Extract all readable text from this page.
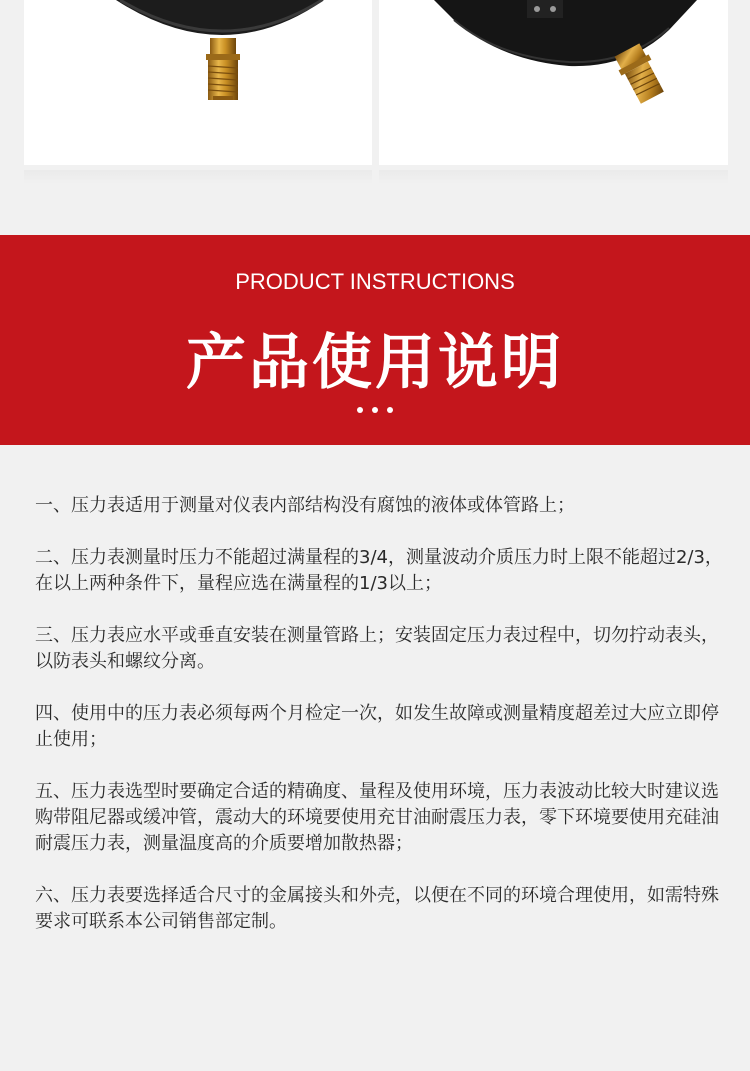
PRODUCT INSTRUCTIONS
产品使用说明

一、压力表适用于测量对仪表内部结构没有腐蚀的液体或体管路上；

二、压力表测量时压力不能超过满量程的3/4，测量波动介质压力时上限不能超过2/3，在以上两种条件下，量程应选在满量程的1/3以上；

三、压力表应水平或垂直安装在测量管路上；安装固定压力表过程中，切勿拧动表头，以防表头和螺纹分离。

四、使用中的压力表必须每两个月检定一次，如发生故障或测量精度超差过大应立即停止使用；

五、压力表选型时要确定合适的精确度、量程及使用环境，压力表波动比较大时建议选购带阻尼器或缓冲管，震动大的环境要使用充甘油耐震压力表，零下环境要使用充硅油耐震压力表，测量温度高的介质要增加散热器；

六、压力表要选择适合尺寸的金属接头和外壳，以便在不同的环境合理使用，如需特殊要求可联系本公司销售部定制。
